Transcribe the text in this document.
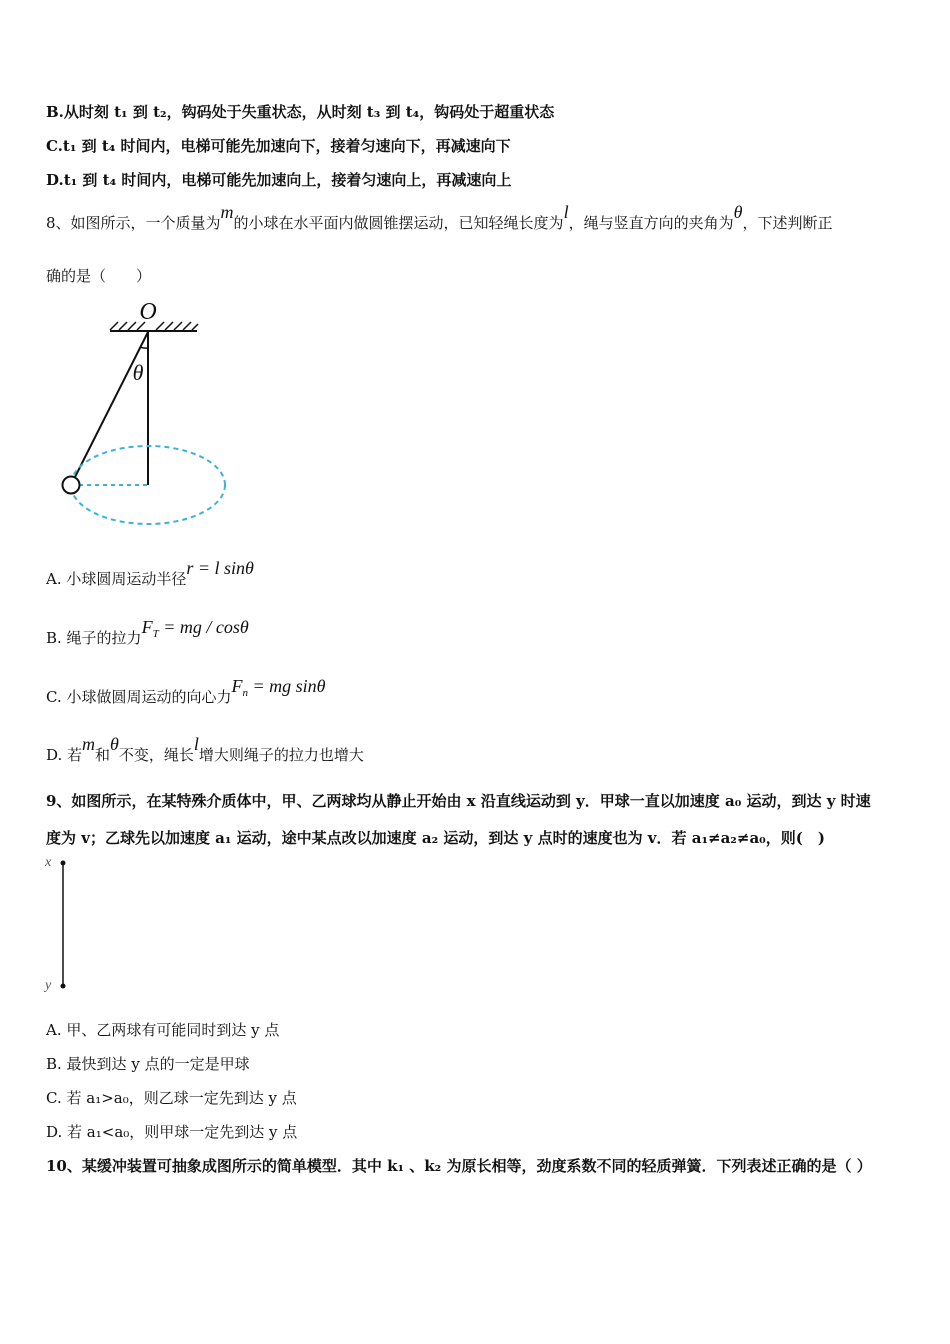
B.从时刻 t₁ 到 t₂，钩码处于失重状态，从时刻 t₃ 到 t₄，钩码处于超重状态
C.t₁ 到 t₄ 时间内，电梯可能先加速向下，接着匀速向下，再减速向下
D.t₁ 到 t₄ 时间内，电梯可能先加速向上，接着匀速向上，再减速向上
8、如图所示，一个质量为m的小球在水平面内做圆锥摆运动，已知轻绳长度为l，绳与竖直方向的夹角为θ，下述判断正
确的是（　　）
O
θ
A. 小球圆周运动半径r = l sinθ
B. 绳子的拉力$F_T$ = mg / cosθ
C. 小球做圆周运动的向心力$F_n$ = mg sinθ
D. 若m和θ不变，绳长l增大则绳子的拉力也增大
9、如图所示，在某特殊介质体中，甲、乙两球均从静止开始由 x 沿直线运动到 y．甲球一直以加速度 a₀ 运动，到达 y 时速
度为 v；乙球先以加速度 a₁ 运动，途中某点改以加速度 a₂ 运动，到达 y 点时的速度也为 v．若 a₁≠a₂≠a₀，则(　)
x
y
A. 甲、乙两球有可能同时到达 y 点
B. 最快到达 y 点的一定是甲球
C. 若 a₁>a₀，则乙球一定先到达 y 点
D. 若 a₁<a₀，则甲球一定先到达 y 点
10、某缓冲装置可抽象成图所示的简单模型．其中 k₁ 、k₂ 为原长相等，劲度系数不同的轻质弹簧．下列表述正确的是（ ）
